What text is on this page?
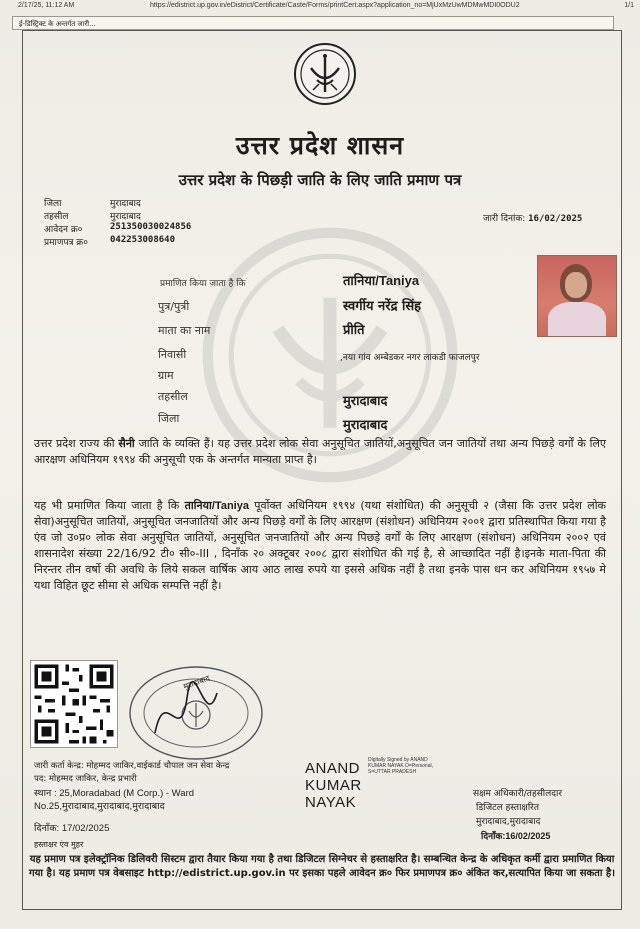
2/17/25, 11:12 AM	https://edistrict.up.gov.in/eDistrict/Certificate/Caste/Forms/printCert.aspx?application_no=MjUxMzUwMDMwMDI0ODU2	1/1
ई-डिस्ट्रिक्ट के अन्तर्गत जारी...
उत्तर प्रदेश शासन
उत्तर प्रदेश के पिछड़ी जाति के लिए जाति प्रमाण पत्र
जिला	मुरादाबाद
तहसील	मुरादाबाद
आवेदन क्र०	251350030024856
प्रमाणपत्र क्र० 042253008640
जारी दिनांक: 16/02/2025
प्रमाणित किया जाता है कि	तानिया/Taniya
पुत्र/पुत्री	स्वर्गीय नरेंद्र सिंह
माता का नाम	प्रीति
निवासी	,नया गांव अम्बेडकर नगर लाकडी फाजलपुर
ग्राम
तहसील	मुरादाबाद
जिला	मुरादाबाद
उत्तर प्रदेश राज्य की सैनी जाति के व्यक्ति हैं। यह उत्तर प्रदेश लोक सेवा अनुसूचित जातियों,अनुसूचित जन जातियों तथा अन्य पिछड़े वर्गों के लिए आरक्षण अधिनियम १९९४ की अनुसूची एक के अन्तर्गत मान्यता प्राप्त है।
यह भी प्रमाणित किया जाता है कि तानिया/Taniya पूर्वोक्त अधिनियम १९९४ (यथा संशोधित) की अनुसूची २ (जैसा कि उत्तर प्रदेश लोक सेवा)अनुसूचित जातियों, अनुसूचित जनजातियों और अन्य पिछड़े वर्गों के लिए आरक्षण (संशोधन) अधिनियम २००१ द्वारा प्रतिस्थापित किया गया है एंव जो उ०प्र० लोक सेवा अनुसूचित जातियों, अनुसूचित जनजातियों और अन्य पिछड़े वर्गों के लिए आरक्षण (संशोधन) अधिनियम २००२ एवं शासनादेश संख्या 22/16/92 टी० सी०-III , दिनाँक २० अक्टूबर २००८ द्वारा संशोधित की गई है, से आच्छादित नहीं है।इनके माता-पिता की निरन्तर तीन वर्षो की अवधि के लिये सकल वार्षिक आय आठ लाख रुपये या इससे अधिक नहीं है तथा इनके पास धन कर अधिनियम १९५७ मे यथा विहित छूट सीमा से अधिक सम्पत्ति नहीं है।
मुरादाबाद
जारी कर्ता केन्द्र: मोहम्मद जाकिर,वाईकार्ड चौपाल जन सेवा केन्द्र
पद: मोहम्मद जाकिर, केन्द्र प्रभारी
स्थान : 25,Moradabad (M Corp.) - Ward No.25,मुरादाबाद,मुरादाबाद,मुरादाबाद
दिनाँक: 17/02/2025
हस्ताक्षर एंव मुहर
ANAND
KUMAR
NAYAK
Digitally Signed by ANAND KUMAR NAYAK O=Personal, S=UTTAR PRADESH
सक्षम अधिकारी/तहसीलदार
डिजिटल हस्ताक्षरित
मुरादाबाद,मुरादाबाद
दिनाँक:16/02/2025
यह प्रमाण पत्र इलेक्ट्रॉनिक डिलिवरी सिस्टम द्वारा तैयार किया गया है तथा डिजिटल सिग्नेचर से हस्ताक्षरित है। सम्बन्धित केन्द्र के अधिकृत कर्मी द्वारा प्रमाणित किया गया है। यह प्रमाण पत्र वेबसाइट http://edistrict.up.gov.in पर इसका पहले आवेदन क्र० फिर प्रमाणपत्र क्र० अंकित कर,सत्यापित किया जा सकता है।
